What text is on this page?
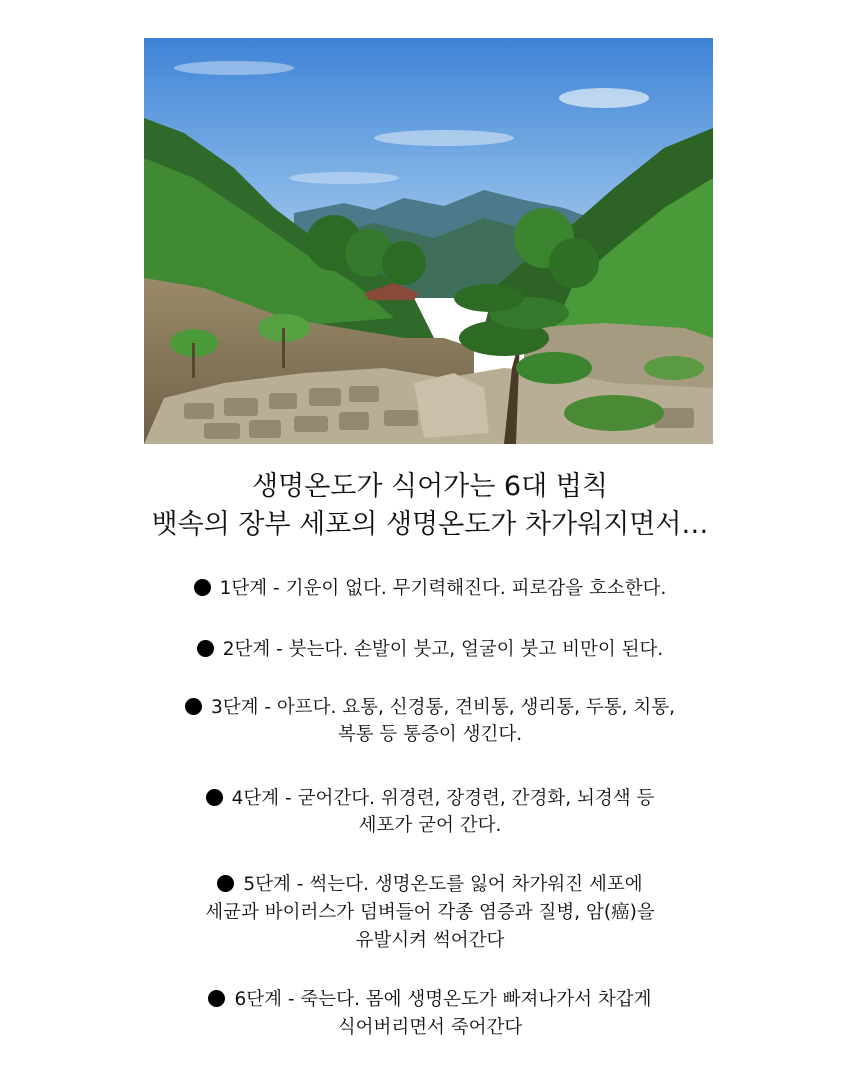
생명온도가 식어가는 6대 법칙
뱃속의 장부 세포의 생명온도가 차가워지면서…
1단계 - 기운이 없다. 무기력해진다. 피로감을 호소한다.
2단계 - 붓는다. 손발이 붓고, 얼굴이 붓고 비만이 된다.
3단계 - 아프다. 요통, 신경통, 견비통, 생리통, 두통, 치통,
복통 등 통증이 생긴다.
4단계 - 굳어간다. 위경련, 장경련, 간경화, 뇌경색 등
세포가 굳어 간다.
5단계 - 썩는다. 생명온도를 잃어 차가워진 세포에
세균과 바이러스가 덤벼들어 각종 염증과 질병, 암(癌)을
유발시켜 썩어간다
6단계 - 죽는다. 몸에 생명온도가 빠져나가서 차갑게
식어버리면서 죽어간다
